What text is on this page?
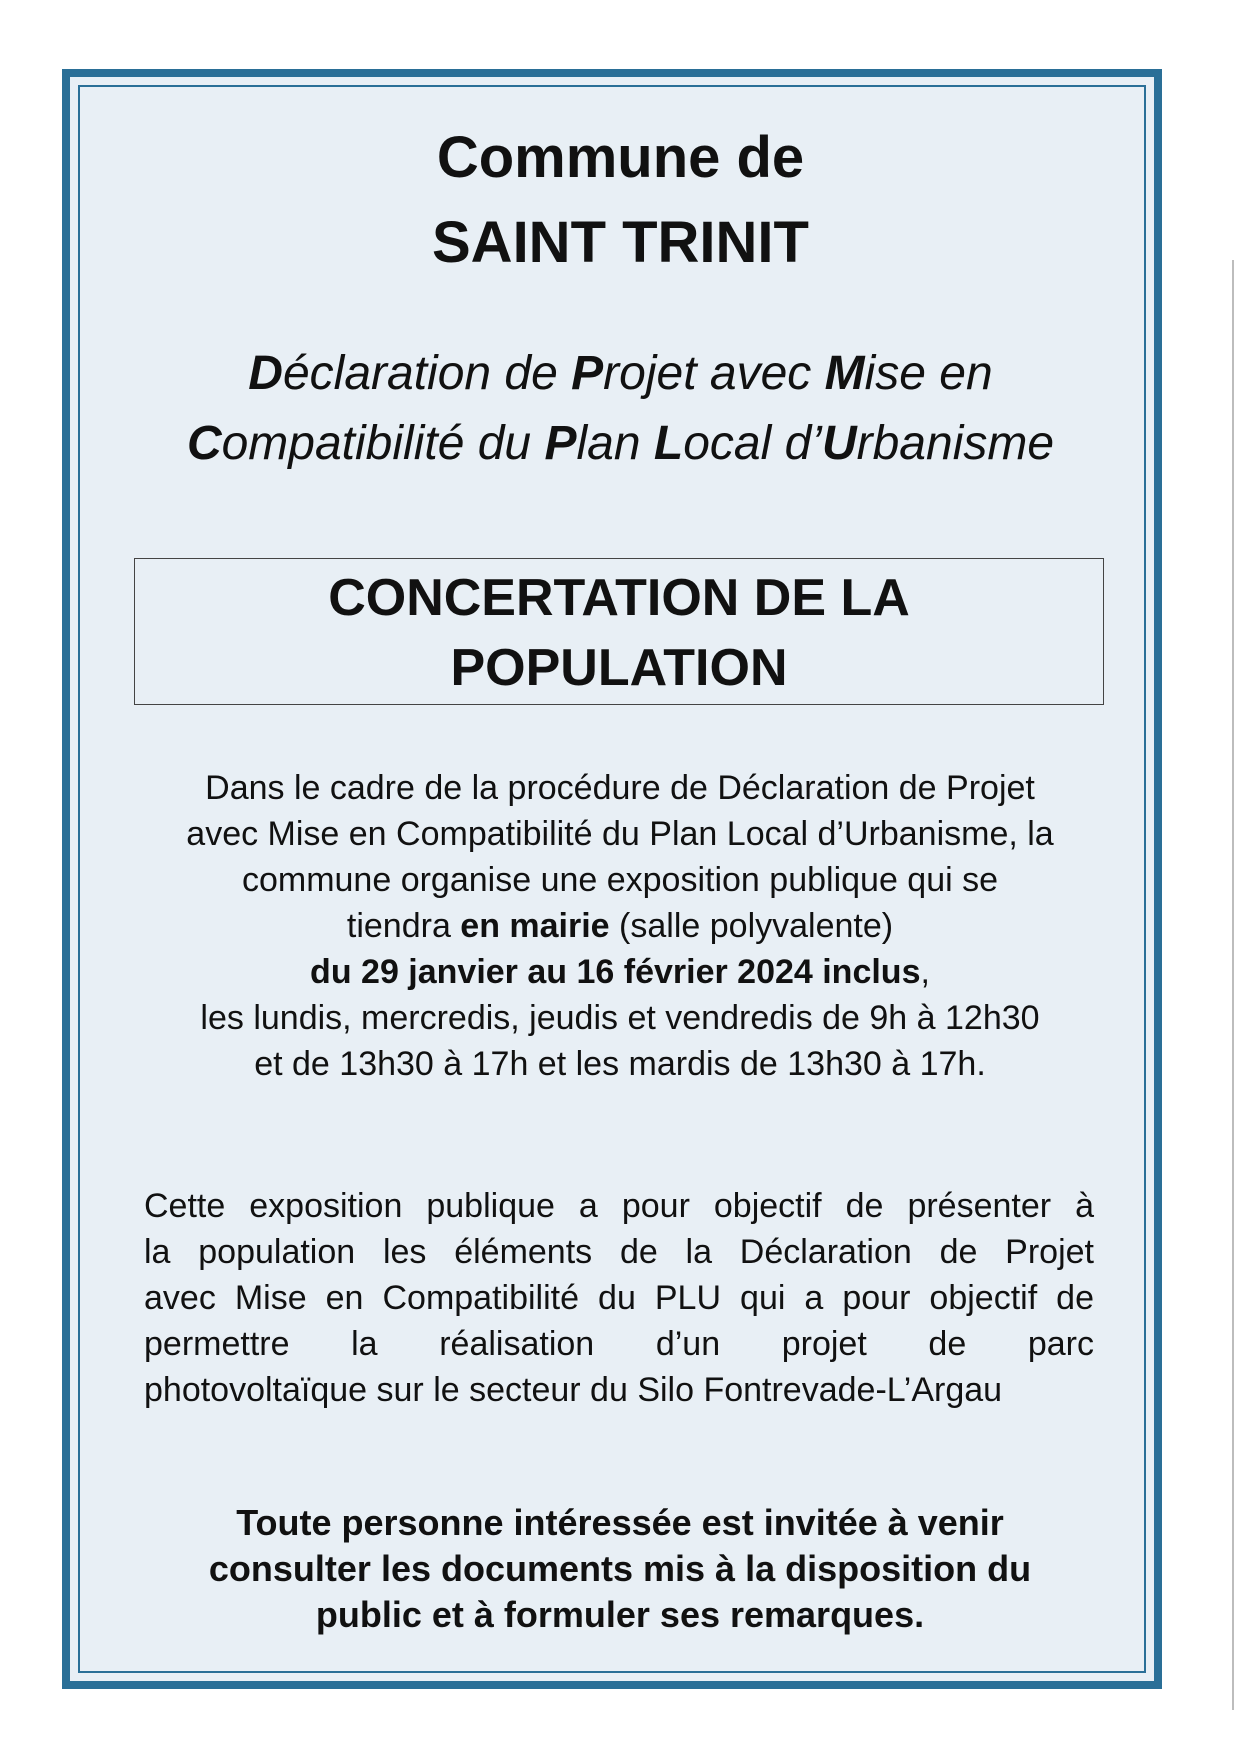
Commune de
SAINT TRINIT
Déclaration de Projet avec Mise en
Compatibilité du Plan Local d’Urbanisme
CONCERTATION DE LA
POPULATION
Dans le cadre de la procédure de Déclaration de Projet
avec Mise en Compatibilité du Plan Local d’Urbanisme, la
commune organise une exposition publique qui se
tiendra en mairie (salle polyvalente)
du 29 janvier au 16 février 2024 inclus,
les lundis, mercredis, jeudis et vendredis de 9h à 12h30
et de 13h30 à 17h et les mardis de 13h30 à 17h.
Cette exposition publique a pour objectif de présenter à
la population les éléments de la Déclaration de Projet
avec Mise en Compatibilité du PLU qui a pour objectif de
permettre la réalisation d’un projet de parc
photovoltaïque sur le secteur du Silo Fontrevade-L’Argau
Toute personne intéressée est invitée à venir
consulter les documents mis à la disposition du
public et à formuler ses remarques.
